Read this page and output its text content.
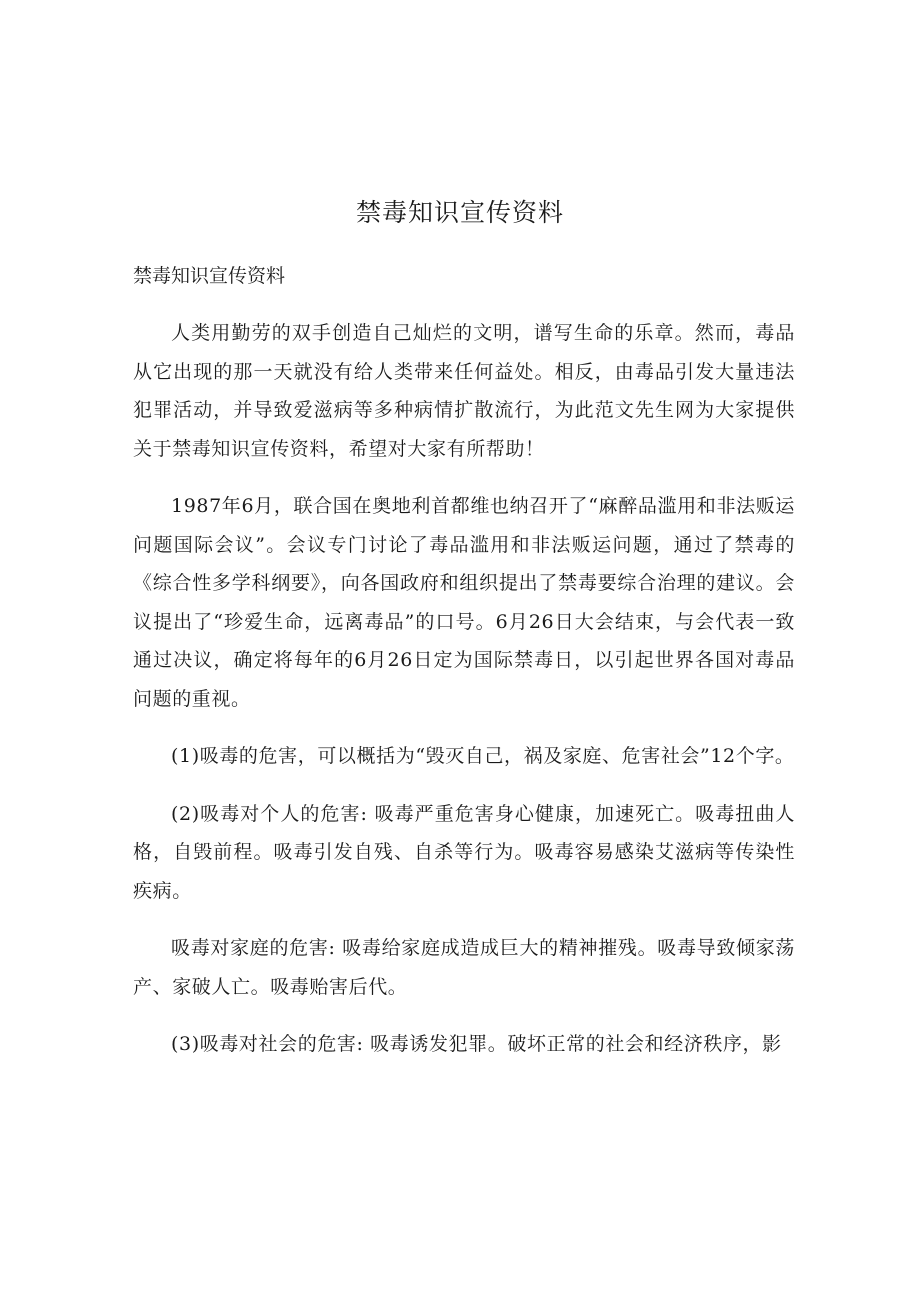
禁毒知识宣传资料

禁毒知识宣传资料

人类用勤劳的双手创造自己灿烂的文明，谱写生命的乐章。然而，毒品从它出现的那一天就没有给人类带来任何益处。相反，由毒品引发大量违法犯罪活动，并导致爱滋病等多种病情扩散流行，为此范文先生网为大家提供关于禁毒知识宣传资料，希望对大家有所帮助！

1987年6月，联合国在奥地利首都维也纳召开了“麻醉品滥用和非法贩运问题国际会议”。会议专门讨论了毒品滥用和非法贩运问题，通过了禁毒的《综合性多学科纲要》，向各国政府和组织提出了禁毒要综合治理的建议。会议提出了“珍爱生命，远离毒品”的口号。6月26日大会结束，与会代表一致通过决议，确定将每年的6月26日定为国际禁毒日，以引起世界各国对毒品问题的重视。

(1)吸毒的危害，可以概括为“毁灭自己，祸及家庭、危害社会”12个字。

(2)吸毒对个人的危害: 吸毒严重危害身心健康，加速死亡。吸毒扭曲人格，自毁前程。吸毒引发自残、自杀等行为。吸毒容易感染艾滋病等传染性疾病。

吸毒对家庭的危害: 吸毒给家庭成造成巨大的精神摧残。吸毒导致倾家荡产、家破人亡。吸毒贻害后代。

(3)吸毒对社会的危害: 吸毒诱发犯罪。破坏正常的社会和经济秩序，影
